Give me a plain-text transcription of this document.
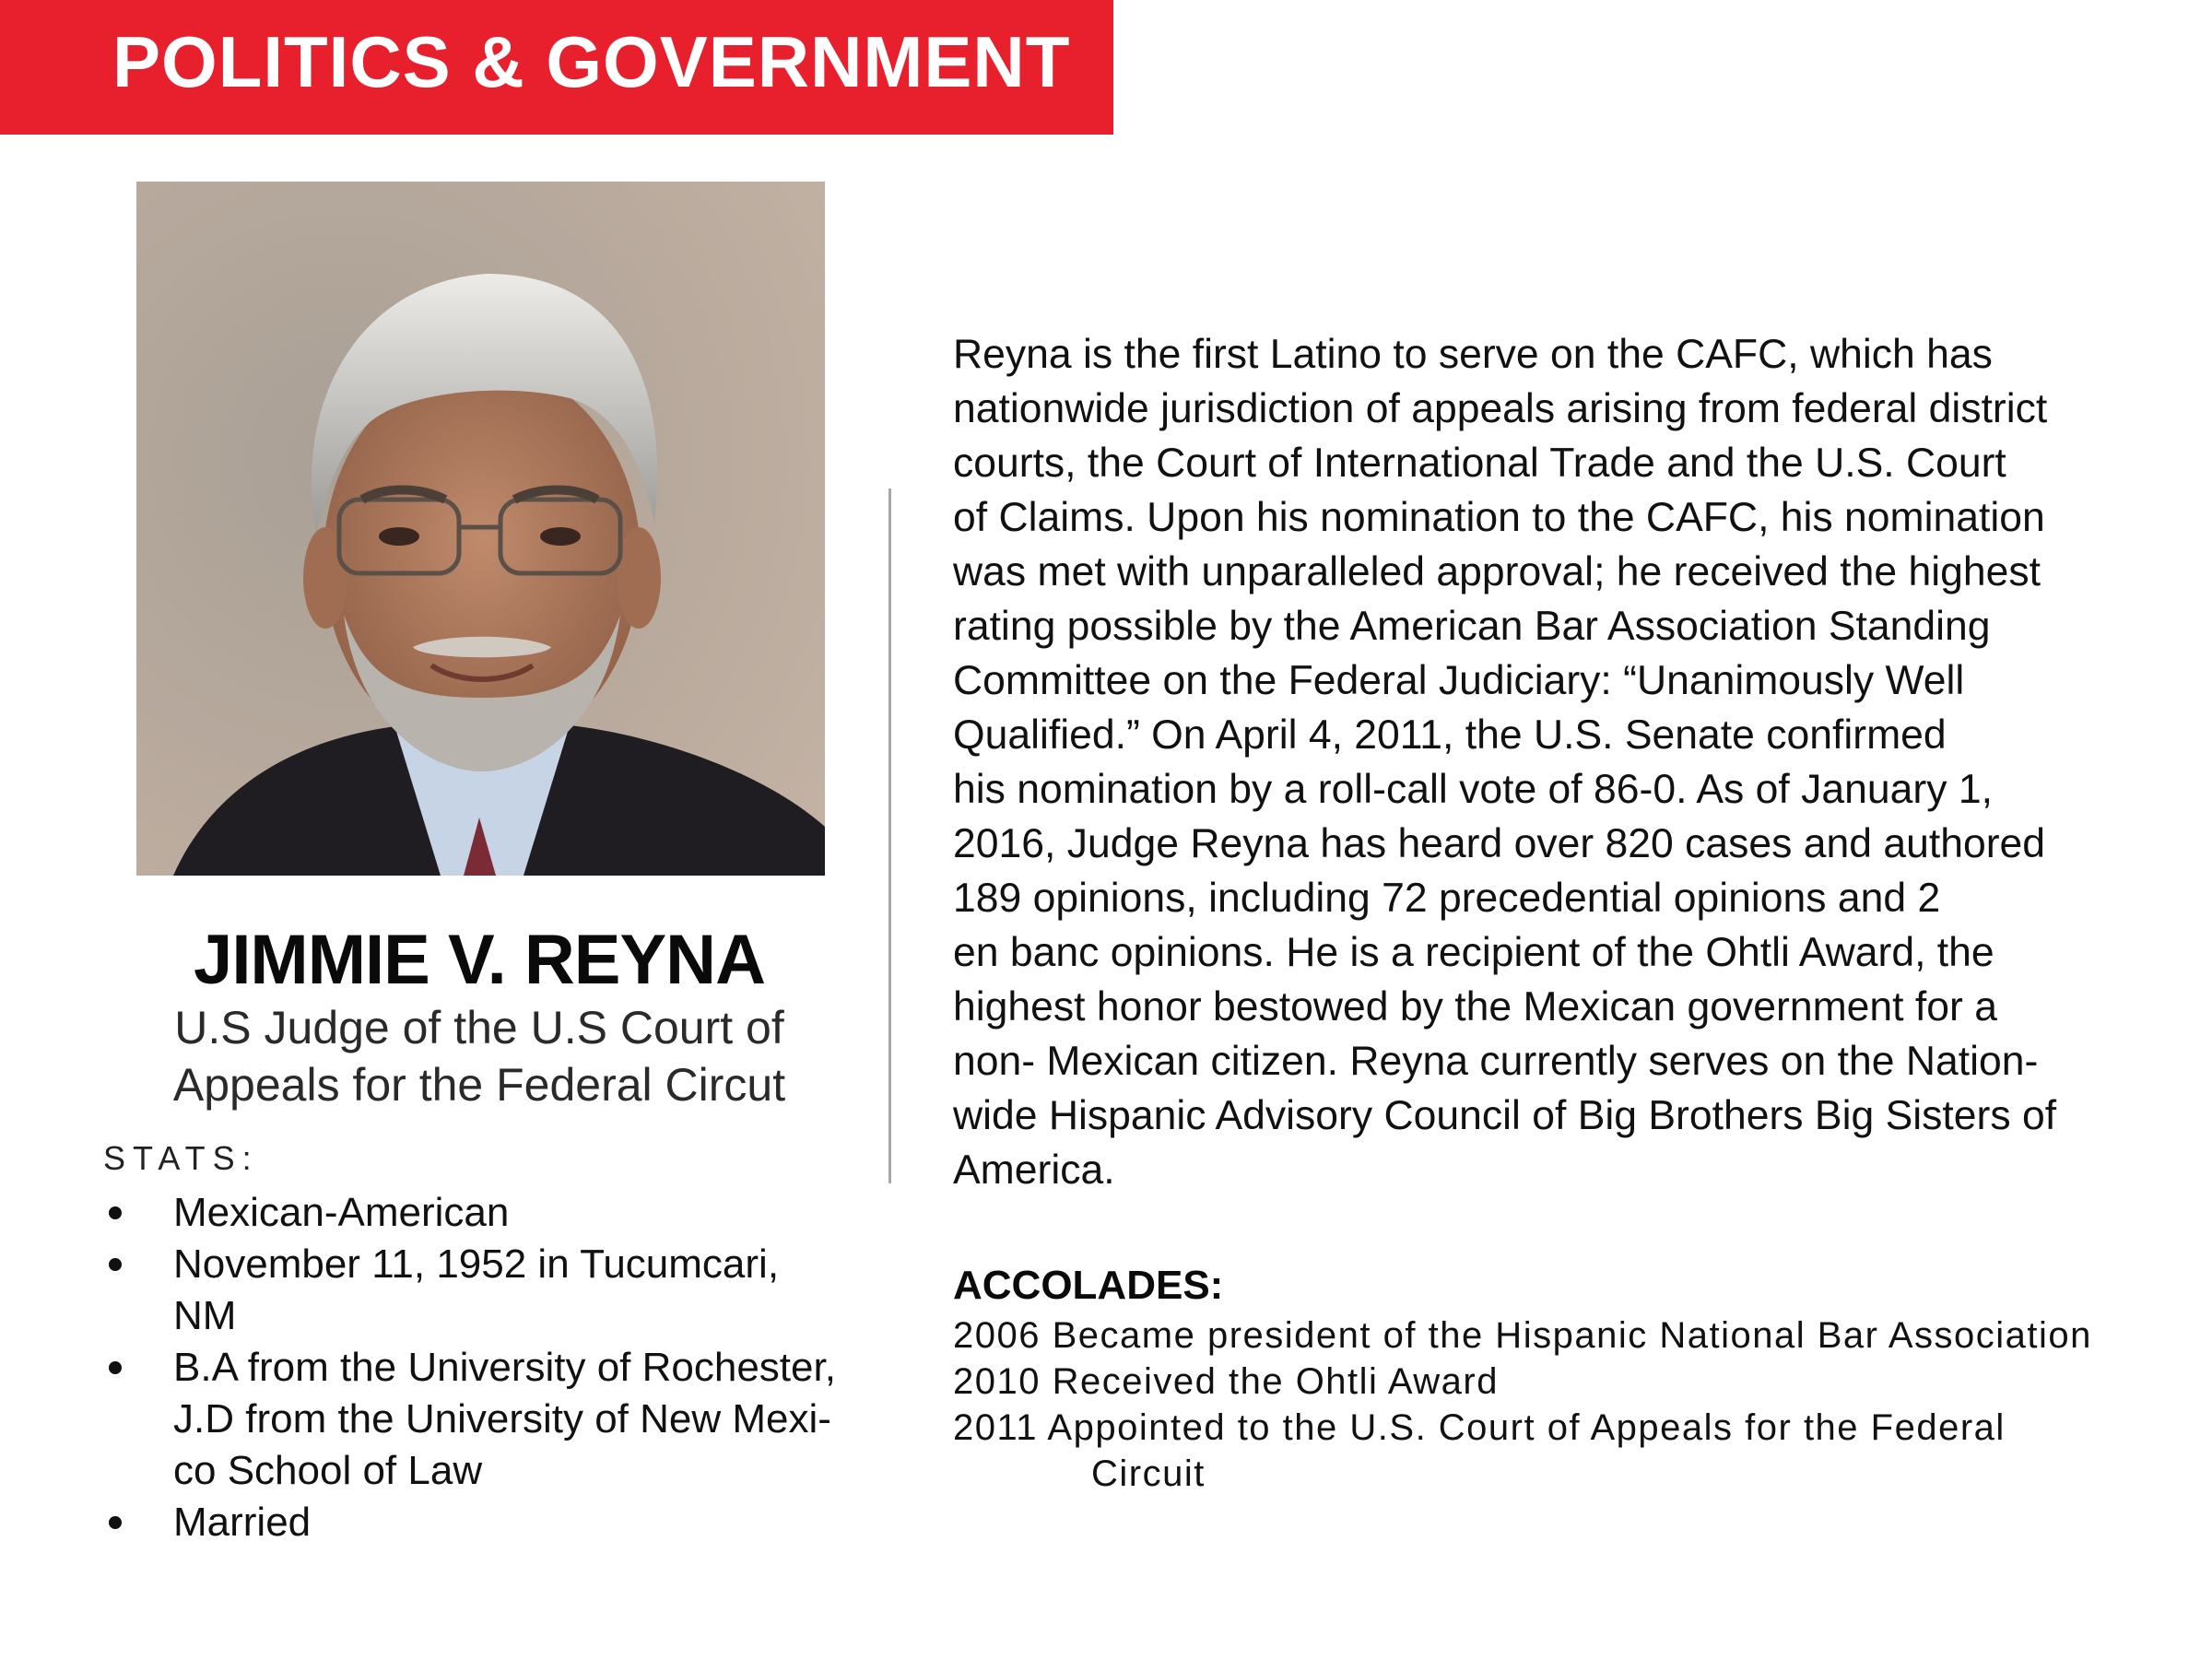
POLITICS & GOVERNMENT
JIMMIE V. REYNA
U.S Judge of the U.S Court of
Appeals for the Federal Circut
STATS:
Mexican-American
November 11, 1952 in Tucumcari,
NM
B.A from the University of Rochester,
J.D from the University of New Mexi-
co School of Law
Married
Reyna is the first Latino to serve on the CAFC, which has
nationwide jurisdiction of appeals arising from federal district
courts, the Court of International Trade and the U.S. Court
of Claims. Upon his nomination to the CAFC, his nomination
was met with unparalleled approval; he received the highest
rating possible by the American Bar Association Standing
Committee on the Federal Judiciary: “Unanimously Well
Qualified.” On April 4, 2011, the U.S. Senate confirmed
his nomination by a roll-call vote of 86-0. As of January 1,
2016, Judge Reyna has heard over 820 cases and authored
189 opinions, including 72 precedential opinions and 2
en banc opinions. He is a recipient of the Ohtli Award, the
highest honor bestowed by the Mexican government for a
non- Mexican citizen. Reyna currently serves on the Nation-
wide Hispanic Advisory Council of Big Brothers Big Sisters of
America.
ACCOLADES:
2006 Became president of the Hispanic National Bar Association
2010 Received the Ohtli Award
2011 Appointed to the U.S. Court of Appeals for the Federal Circuit
